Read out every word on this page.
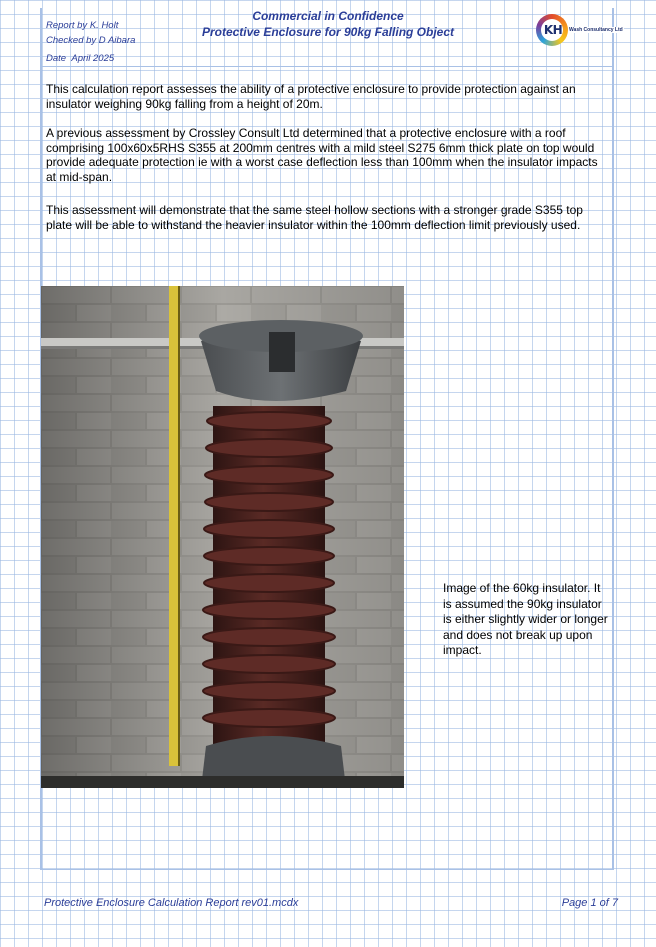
Report by K. Holt
Checked by D Aibara
Date April 2025
Commercial in Confidence
Protective Enclosure for 90kg Falling Object	KH	Wash Consultancy Ltd
This calculation report assesses the ability of a protective enclosure to provide protection against an insulator weighing 90kg falling from a height of 20m.
A previous assessment by Crossley Consult Ltd determined that a protective enclosure with a roof comprising 100x60x5RHS S355 at 200mm centres with a mild steel S275 6mm thick plate on top would provide adequate protection ie with a worst case deflection less than 100mm when the insulator impacts at mid-span.
This assessment will demonstrate that the same steel hollow sections with a stronger grade S355 top plate will be able to withstand the heavier insulator within the 100mm deflection limit previously used.
Image of the 60kg insulator. It is assumed the 90kg insulator is either slightly wider or longer and does not break up upon impact.
Protective Enclosure Calculation Report rev01.mcdx	Page 1 of 7
